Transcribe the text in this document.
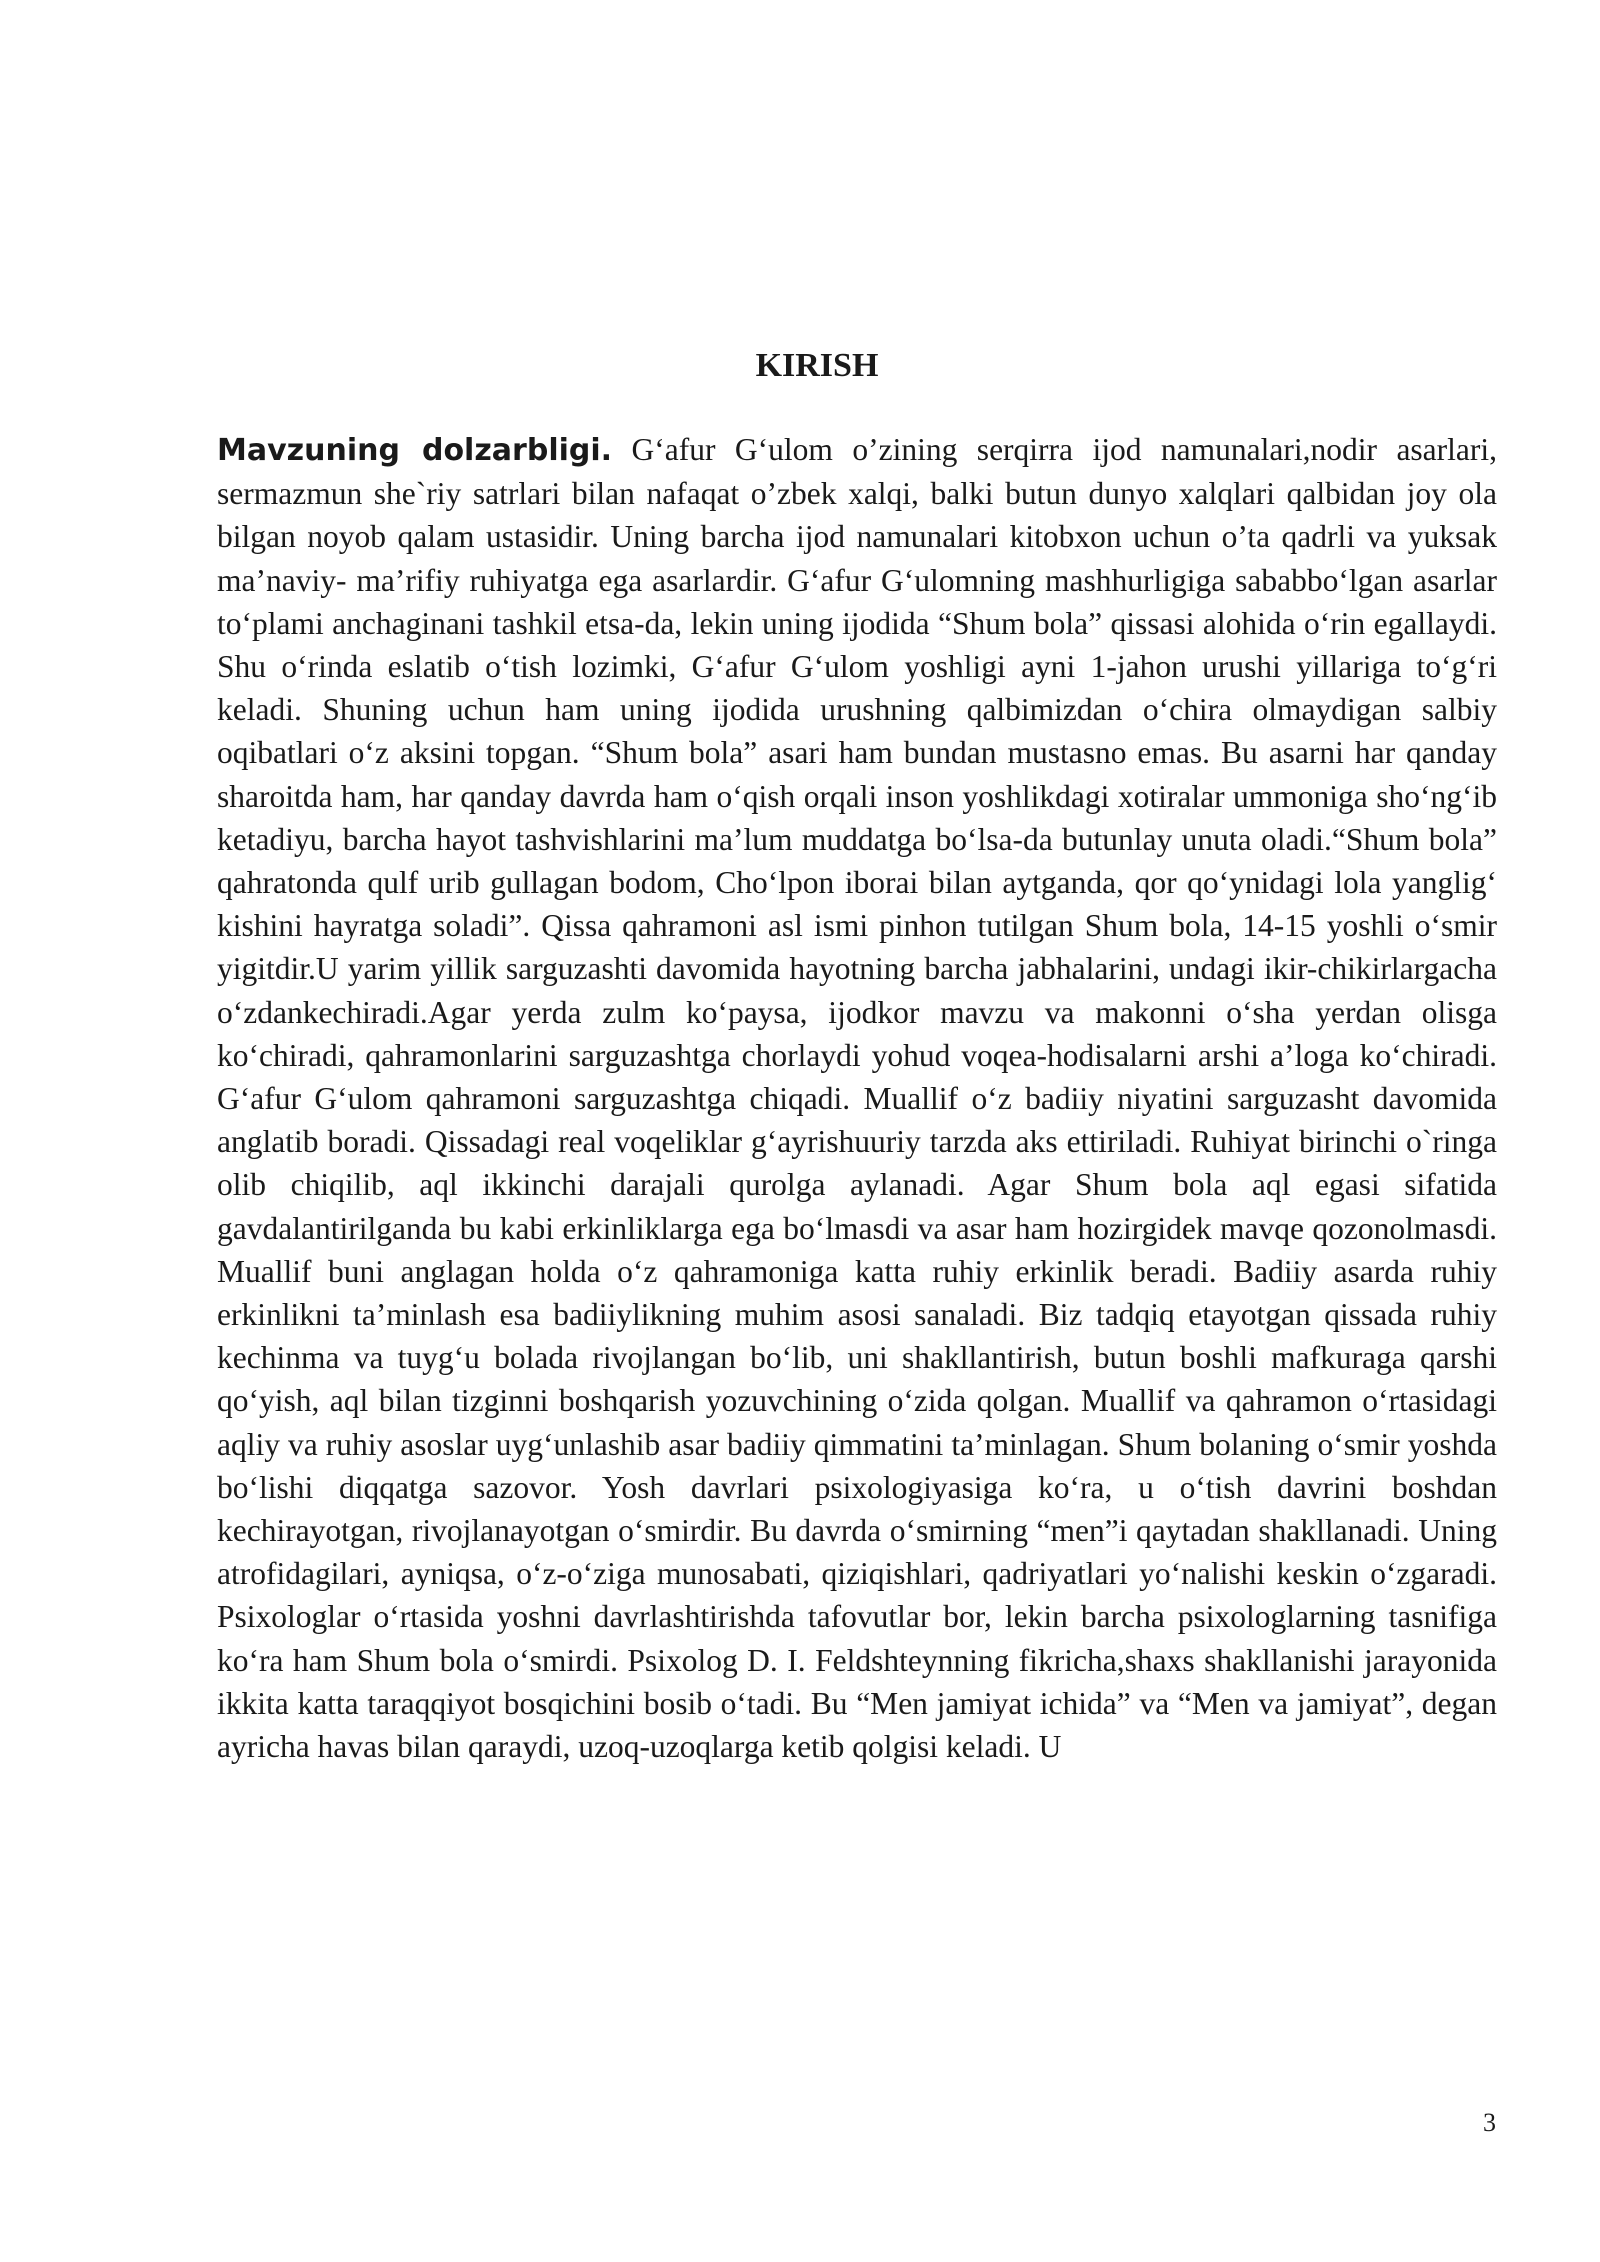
KIRISH

Mavzuning dolzarbligi. G‘afur G‘ulom o’zining serqirra ijod namunalari,nodir asarlari, sermazmun she`riy satrlari bilan nafaqat o’zbek xalqi, balki butun dunyo xalqlari qalbidan joy ola bilgan noyob qalam ustasidir. Uning barcha ijod namunalari kitobxon uchun o’ta qadrli va yuksak ma’naviy- ma’rifiy ruhiyatga ega asarlardir. G‘afur G‘ulomning mashhurligiga sababbo‘lgan asarlar to‘plami anchaginani tashkil etsa-da, lekin uning ijodida “Shum bola” qissasi alohida o‘rin egallaydi. Shu o‘rinda eslatib o‘tish lozimki, G‘afur G‘ulom yoshligi ayni 1-jahon urushi yillariga to‘g‘ri keladi. Shuning uchun ham uning ijodida urushning qalbimizdan o‘chira olmaydigan salbiy oqibatlari o‘z aksini topgan. “Shum bola” asari ham bundan mustasno emas. Bu asarni har qanday sharoitda ham, har qanday davrda ham o‘qish orqali inson yoshlikdagi xotiralar ummoniga sho‘ng‘ib ketadiyu, barcha hayot tashvishlarini ma’lum muddatga bo‘lsa-da butunlay unuta oladi.“Shum bola” qahratonda qulf urib gullagan bodom, Cho‘lpon iborai bilan aytganda, qor qo‘ynidagi lola yanglig‘ kishini hayratga soladi”. Qissa qahramoni asl ismi pinhon tutilgan Shum bola, 14-15 yoshli o‘smir yigitdir.U yarim yillik sarguzashti davomida hayotning barcha jabhalarini, undagi ikir-chikirlargacha o‘zdankechiradi.Agar yerda zulm ko‘paysa, ijodkor mavzu va makonni o‘sha yerdan olisga ko‘chiradi, qahramonlarini sarguzashtga chorlaydi yohud voqea-hodisalarni arshi a’loga ko‘chiradi. G‘afur G‘ulom qahramoni sarguzashtga chiqadi. Muallif o‘z badiiy niyatini sarguzasht davomida anglatib boradi. Qissadagi real voqeliklar g‘ayrishuuriy tarzda aks ettiriladi. Ruhiyat birinchi o`ringa olib chiqilib, aql ikkinchi darajali qurolga aylanadi. Agar Shum bola aql egasi sifatida gavdalantirilganda bu kabi erkinliklarga ega bo‘lmasdi va asar ham hozirgidek mavqe qozonolmasdi. Muallif buni anglagan holda o‘z qahramoniga katta ruhiy erkinlik beradi. Badiiy asarda ruhiy erkinlikni ta’minlash esa badiiylikning muhim asosi sanaladi. Biz tadqiq etayotgan qissada ruhiy kechinma va tuyg‘u bolada rivojlangan bo‘lib, uni shakllantirish, butun boshli mafkuraga qarshi qo‘yish, aql bilan tizginni boshqarish yozuvchining o‘zida qolgan. Muallif va qahramon o‘rtasidagi aqliy va ruhiy asoslar uyg‘unlashib asar badiiy qimmatini ta’minlagan. Shum bolaning o‘smir yoshda bo‘lishi diqqatga sazovor. Yosh davrlari psixologiyasiga ko‘ra, u o‘tish davrini boshdan kechirayotgan, rivojlanayotgan o‘smirdir. Bu davrda o‘smirning “men”i qaytadan shakllanadi. Uning atrofidagilari, ayniqsa, o‘z-o‘ziga munosabati, qiziqishlari, qadriyatlari yo‘nalishi keskin o‘zgaradi. Psixologlar o‘rtasida yoshni davrlashtirishda tafovutlar bor, lekin barcha psixologlarning tasnifiga ko‘ra ham Shum bola o‘smirdi. Psixolog D. I. Feldshteynning fikricha,shaxs shakllanishi jarayonida ikkita katta taraqqiyot bosqichini bosib o‘tadi. Bu “Men jamiyat ichida” va “Men va jamiyat”, degan ayricha havas bilan qaraydi, uzoq-uzoqlarga ketib qolgisi keladi. U

3
